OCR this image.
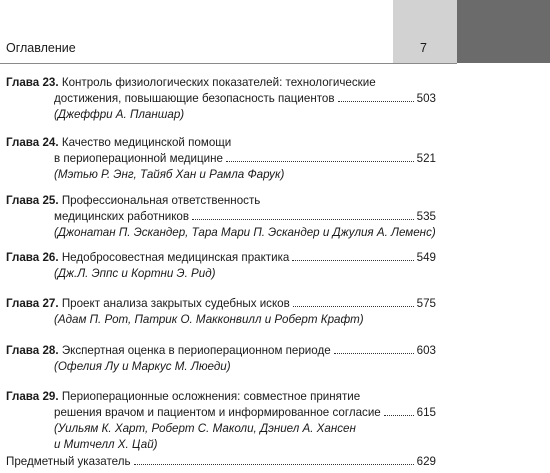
Оглавление	7
Глава 23. Контроль физиологических показателей: технологические
достижения, повышающие безопасность пациентов	503
(Джеффри А. Планшар)
Глава 24. Качество медицинской помощи
в периоперационной медицине	521
(Мэтью Р. Энг, Тайяб Хан и Рамла Фарук)
Глава 25. Профессиональная ответственность
медицинских работников	535
(Джонатан П. Эскандер, Тара Мари П. Эскандер и Джулия А. Леменс)
Глава 26. Недобросовестная медицинская практика	549
(Дж.Л. Эппс и Кортни Э. Рид)
Глава 27. Проект анализа закрытых судебных исков	575
(Адам П. Рот, Патрик О. Макконвилл и Роберт Крафт)
Глава 28. Экспертная оценка в периоперационном периоде	603
(Офелия Лу и Маркус М. Люеди)
Глава 29. Периоперационные осложнения: совместное принятие
решения врачом и пациентом и информированное согласие	615
(Уильям К. Харт, Роберт С. Маколи, Дэниел А. Хансен
и Митчелл Х. Цай)
Предметный указатель	629
